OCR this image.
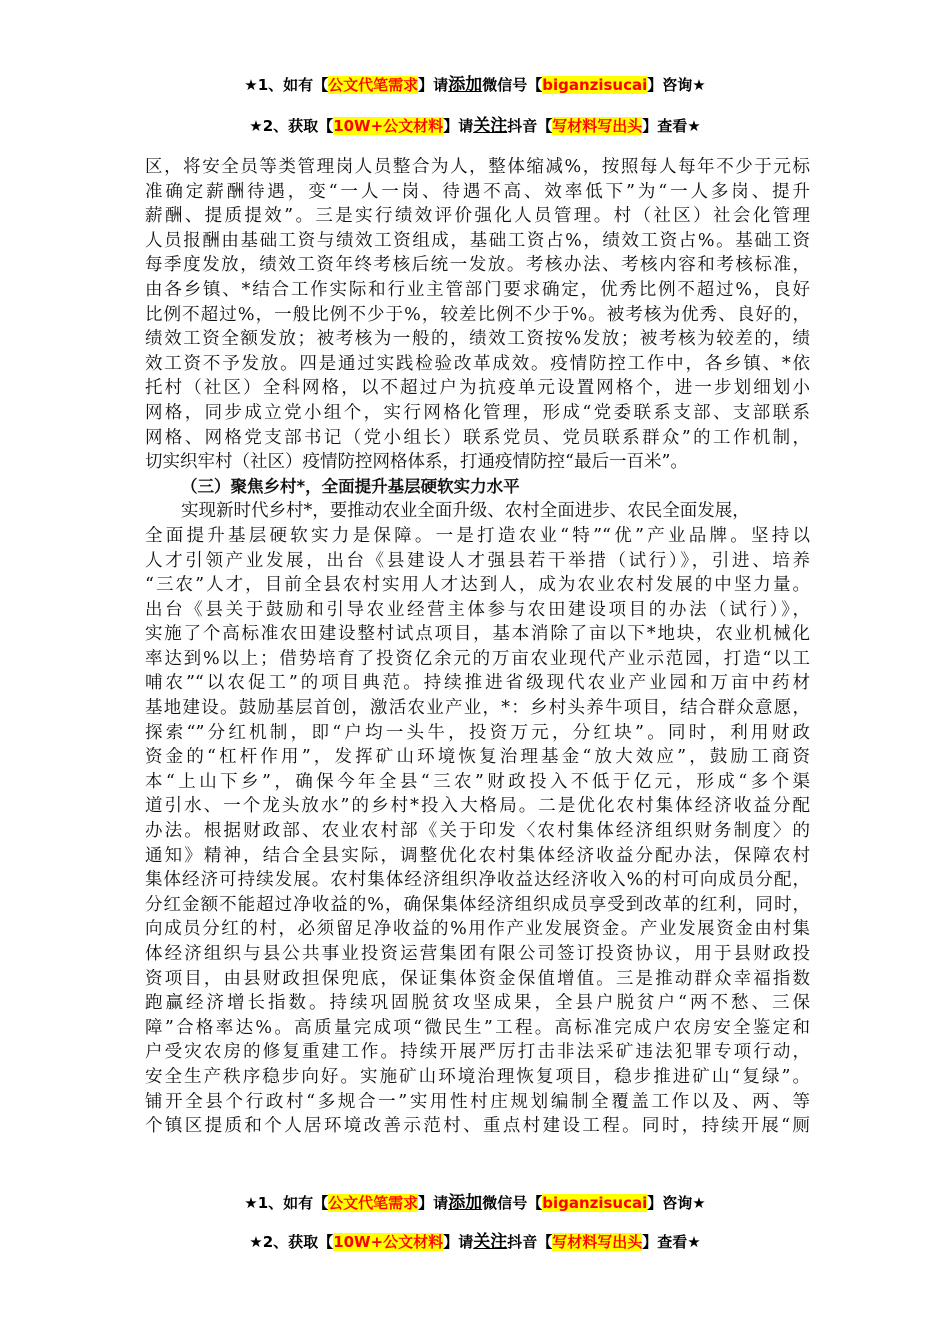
★1、如有【公文代笔需求】请添加微信号【biganzisucai】咨询★
★2、获取【10W+公文材料】请关注抖音【写材料写出头】查看★
区，将安全员等类管理岗人员整合为人，整体缩减%，按照每人每年不少于元标
准确定薪酬待遇，变“一人一岗、待遇不高、效率低下”为“一人多岗、提升
薪酬、提质提效”。三是实行绩效评价强化人员管理。村（社区）社会化管理
人员报酬由基础工资与绩效工资组成，基础工资占%，绩效工资占%。基础工资
每季度发放，绩效工资年终考核后统一发放。考核办法、考核内容和考核标准，
由各乡镇、*结合工作实际和行业主管部门要求确定，优秀比例不超过%，良好
比例不超过%，一般比例不少于%，较差比例不少于%。被考核为优秀、良好的，
绩效工资全额发放；被考核为一般的，绩效工资按%发放；被考核为较差的，绩
效工资不予发放。四是通过实践检验改革成效。疫情防控工作中，各乡镇、*依
托村（社区）全科网格，以不超过户为抗疫单元设置网格个，进一步划细划小
网格，同步成立党小组个，实行网格化管理，形成“党委联系支部、支部联系
网格、网格党支部书记（党小组长）联系党员、党员联系群众”的工作机制，
切实织牢村（社区）疫情防控网格体系，打通疫情防控“最后一百米”。
（三）聚焦乡村*，全面提升基层硬软实力水平
实现新时代乡村*，要推动农业全面升级、农村全面进步、农民全面发展，
全面提升基层硬软实力是保障。一是打造农业“特”“优”产业品牌。坚持以
人才引领产业发展，出台《县建设人才强县若干举措（试行）》，引进、培养
“三农”人才，目前全县农村实用人才达到人，成为农业农村发展的中坚力量。
出台《县关于鼓励和引导农业经营主体参与农田建设项目的办法（试行）》，
实施了个高标准农田建设整村试点项目，基本消除了亩以下*地块，农业机械化
率达到%以上；借势培育了投资亿余元的万亩农业现代产业示范园，打造“以工
哺农”“以农促工”的项目典范。持续推进省级现代农业产业园和万亩中药材
基地建设。鼓励基层首创，激活农业产业，*：乡村头养牛项目，结合群众意愿，
探索“”分红机制，即“户均一头牛，投资万元，分红块”。同时，利用财政
资金的“杠杆作用”，发挥矿山环境恢复治理基金“放大效应”，鼓励工商资
本“上山下乡”，确保今年全县“三农”财政投入不低于亿元，形成“多个渠
道引水、一个龙头放水”的乡村*投入大格局。二是优化农村集体经济收益分配
办法。根据财政部、农业农村部《关于印发〈农村集体经济组织财务制度〉的
通知》精神，结合全县实际，调整优化农村集体经济收益分配办法，保障农村
集体经济可持续发展。农村集体经济组织净收益达经济收入%的村可向成员分配，
分红金额不能超过净收益的%，确保集体经济组织成员享受到改革的红利，同时，
向成员分红的村，必须留足净收益的%用作产业发展资金。产业发展资金由村集
体经济组织与县公共事业投资运营集团有限公司签订投资协议，用于县财政投
资项目，由县财政担保兜底，保证集体资金保值增值。三是推动群众幸福指数
跑赢经济增长指数。持续巩固脱贫攻坚成果，全县户脱贫户“两不愁、三保
障”合格率达%。高质量完成项“微民生”工程。高标准完成户农房安全鉴定和
户受灾农房的修复重建工作。持续开展严厉打击非法采矿违法犯罪专项行动，
安全生产秩序稳步向好。实施矿山环境治理恢复项目，稳步推进矿山“复绿”。
铺开全县个行政村“多规合一”实用性村庄规划编制全覆盖工作以及、两、等
个镇区提质和个人居环境改善示范村、重点村建设工程。同时，持续开展“厕
★1、如有【公文代笔需求】请添加微信号【biganzisucai】咨询★
★2、获取【10W+公文材料】请关注抖音【写材料写出头】查看★
